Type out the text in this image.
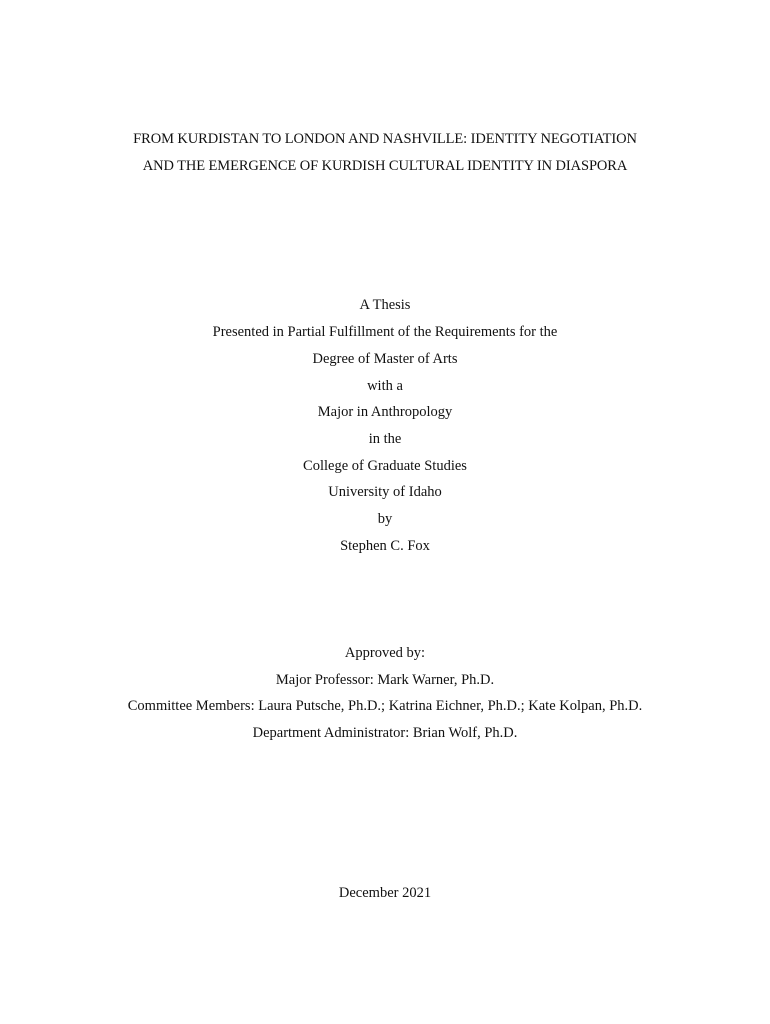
FROM KURDISTAN TO LONDON AND NASHVILLE: IDENTITY NEGOTIATION
AND THE EMERGENCE OF KURDISH CULTURAL IDENTITY IN DIASPORA
A Thesis
Presented in Partial Fulfillment of the Requirements for the
Degree of Master of Arts
with a
Major in Anthropology
in the
College of Graduate Studies
University of Idaho
by
Stephen C. Fox
Approved by:
Major Professor: Mark Warner, Ph.D.
Committee Members: Laura Putsche, Ph.D.; Katrina Eichner, Ph.D.; Kate Kolpan, Ph.D.
Department Administrator: Brian Wolf, Ph.D.
December 2021
